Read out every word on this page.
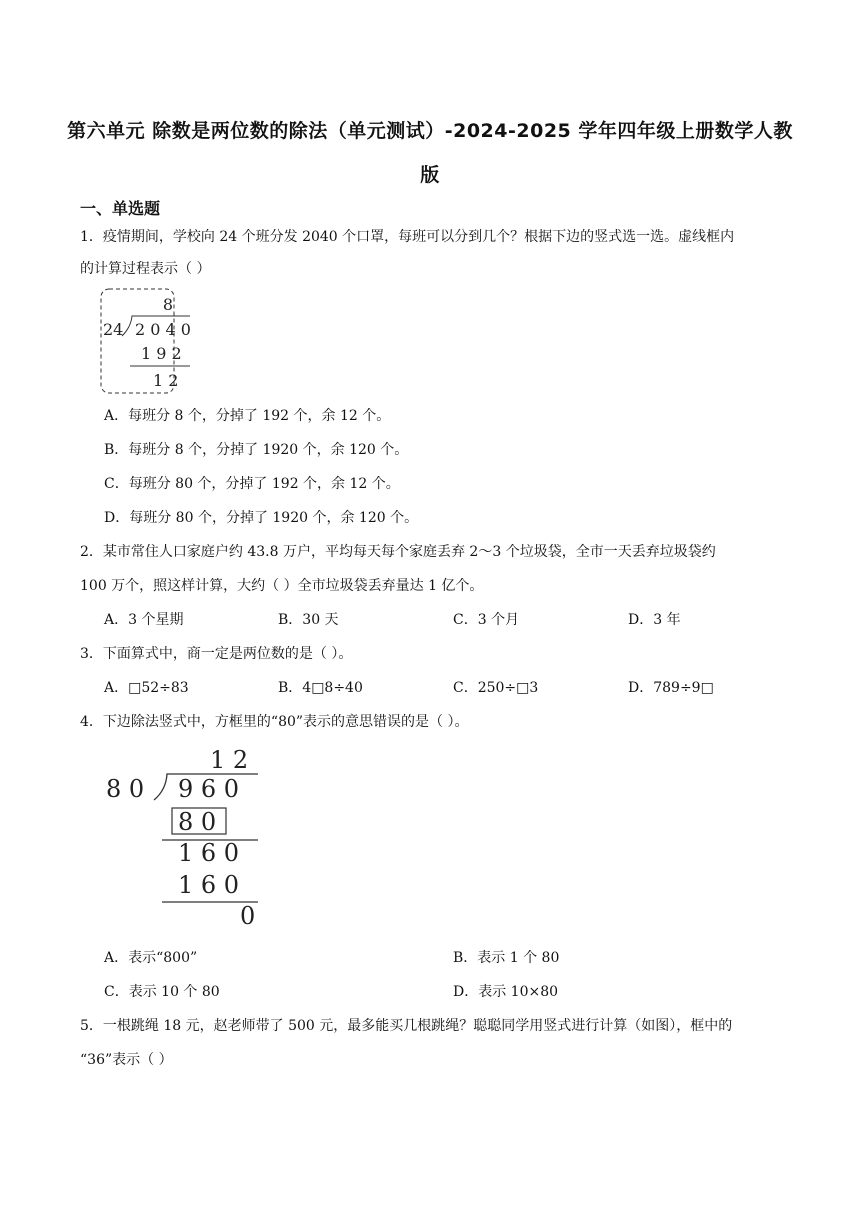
第六单元 除数是两位数的除法（单元测试）-2024-2025 学年四年级上册数学人教
版
一、单选题
1．疫情期间，学校向 24 个班分发 2040 个口罩，每班可以分到几个？根据下边的竖式选一选。虚线框内
的计算过程表示（ ）
8
24 2 0 4 0
1 9 2
1 2
A．每班分 8 个，分掉了 192 个，余 12 个。
B．每班分 8 个，分掉了 1920 个，余 120 个。
C．每班分 80 个，分掉了 192 个，余 12 个。
D．每班分 80 个，分掉了 1920 个，余 120 个。
2．某市常住人口家庭户约 43.8 万户，平均每天每个家庭丢弃 2～3 个垃圾袋，全市一天丢弃垃圾袋约
100 万个，照这样计算，大约（ ）全市垃圾袋丢弃量达 1 亿个。
A．3 个星期	B．30 天	C．3 个月	D．3 年
3．下面算式中，商一定是两位数的是（ ）。
A．□52÷83	B．4□8÷40	C．250÷□3	D．789÷9□
4．下边除法竖式中，方框里的“80”表示的意思错误的是（ ）。
1 2
8 0 9 6 0
8 0
1 6 0
1 6 0
0
A．表示“800”	B．表示 1 个 80
C．表示 10 个 80	D．表示 10×80
5．一根跳绳 18 元，赵老师带了 500 元，最多能买几根跳绳？聪聪同学用竖式进行计算（如图），框中的
“36”表示（ ）
